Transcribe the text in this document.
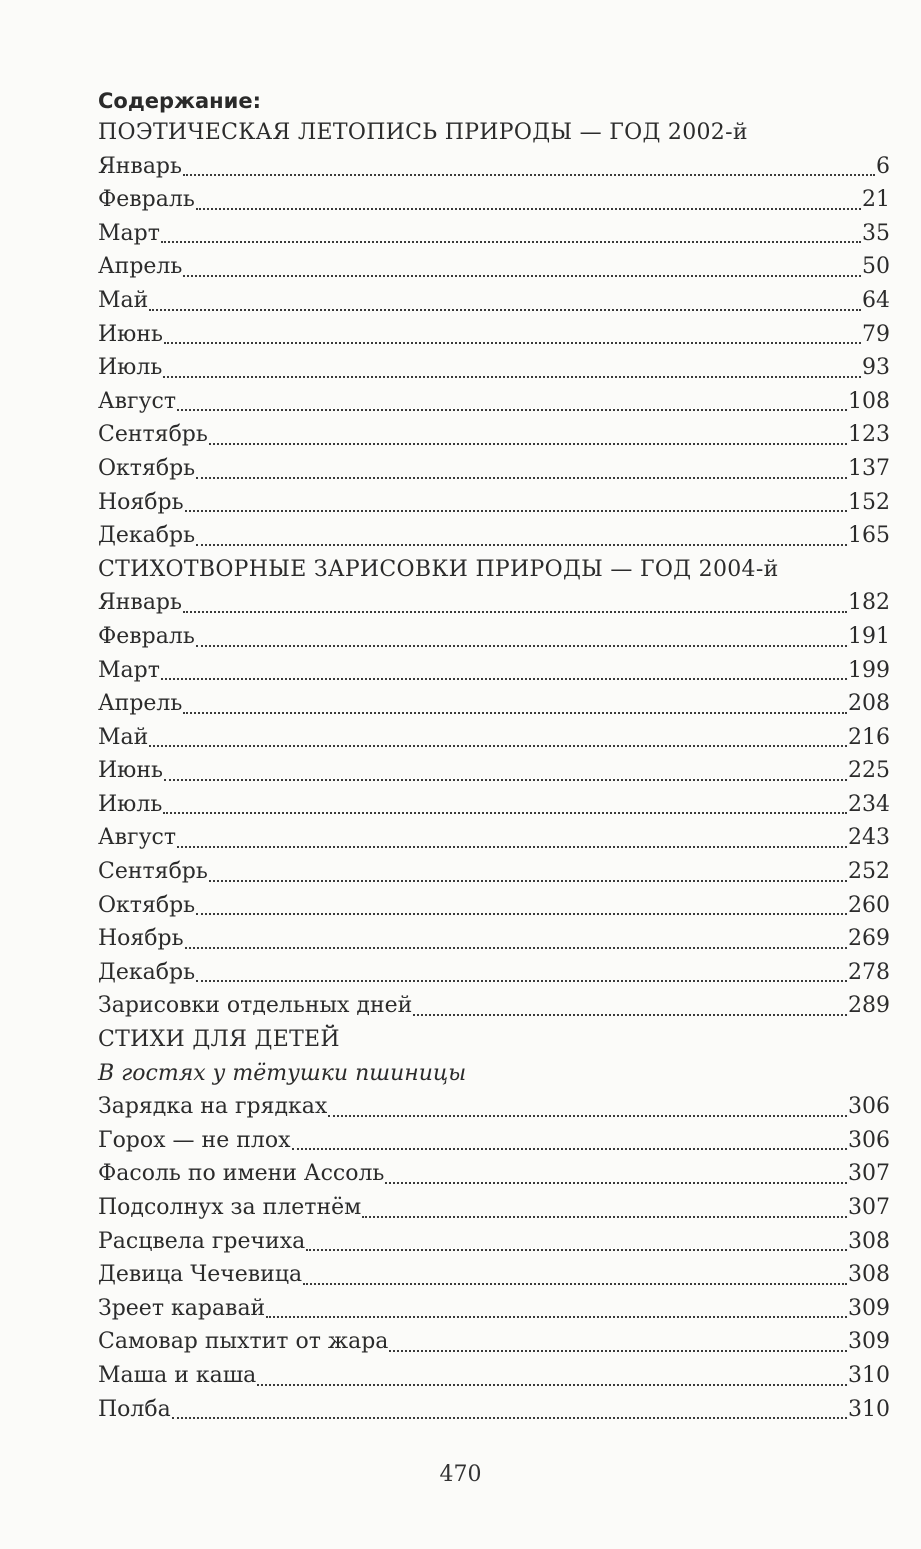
Содержание:
ПОЭТИЧЕСКАЯ ЛЕТОПИСЬ ПРИРОДЫ — ГОД 2002-й
Январь	6
Февраль	21
Март	35
Апрель	50
Май	64
Июнь	79
Июль	93
Август	108
Сентябрь	123
Октябрь	137
Ноябрь	152
Декабрь	165
СТИХОТВОРНЫЕ ЗАРИСОВКИ ПРИРОДЫ — ГОД 2004-й
Январь	182
Февраль	191
Март	199
Апрель	208
Май	216
Июнь	225
Июль	234
Август	243
Сентябрь	252
Октябрь	260
Ноябрь	269
Декабрь	278
Зарисовки отдельных дней	289
СТИХИ ДЛЯ ДЕТЕЙ
В гостях у тётушки пшиницы
Зарядка на грядках	306
Горох — не плох	306
Фасоль по имени Ассоль	307
Подсолнух за плетнём	307
Расцвела гречиха	308
Девица Чечевица	308
Зреет каравай	309
Самовар пыхтит от жара	309
Маша и каша	310
Полба	310
470
